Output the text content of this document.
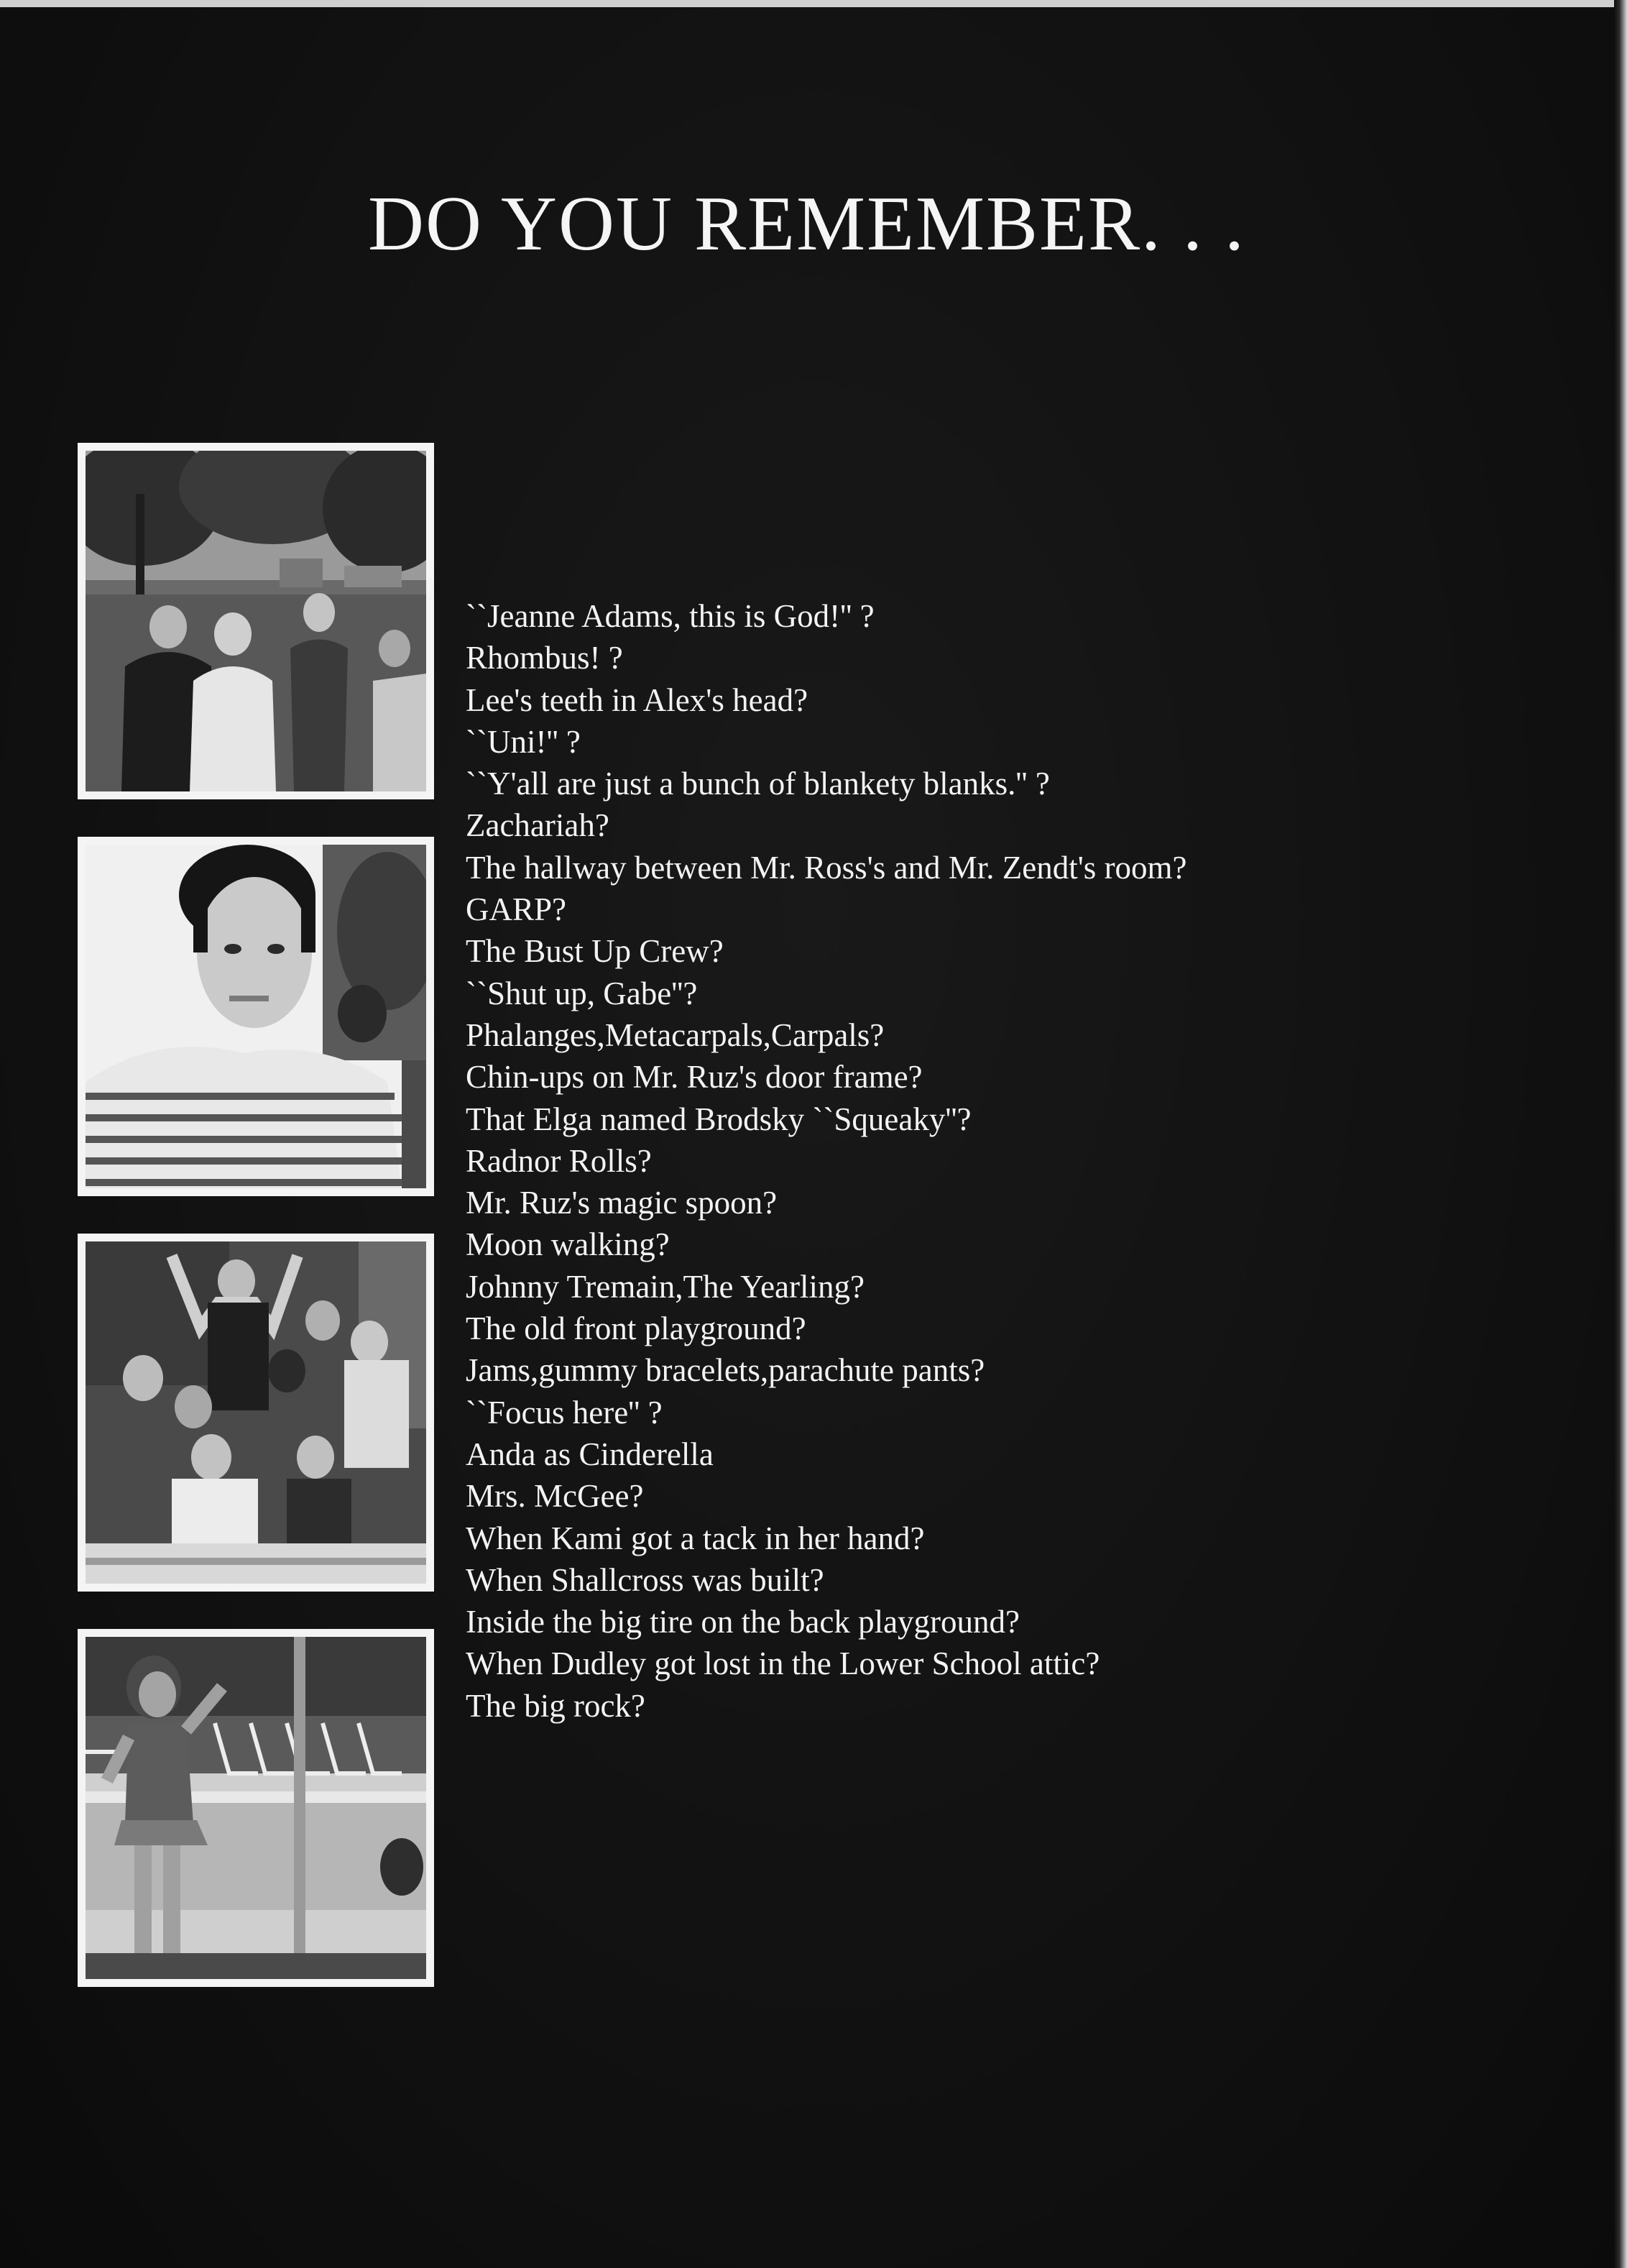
DO YOU REMEMBER. . .
``Jeanne Adams, this is God!'' ?
Rhombus! ?
Lee's teeth in Alex's head?
``Uni!'' ?
``Y'all are just a bunch of blankety blanks.'' ?
Zachariah?
The hallway between Mr. Ross's and Mr. Zendt's room?
GARP?
The Bust Up Crew?
``Shut up, Gabe''?
Phalanges,Metacarpals,Carpals?
Chin-ups on Mr. Ruz's door frame?
That Elga named Brodsky ``Squeaky''?
Radnor Rolls?
Mr. Ruz's magic spoon?
Moon walking?
Johnny Tremain,The Yearling?
The old front playground?
Jams,gummy bracelets,parachute pants?
``Focus here'' ?
Anda as Cinderella
Mrs. McGee?
When Kami got a tack in her hand?
When Shallcross was built?
Inside the big tire on the back playground?
When Dudley got lost in the Lower School attic?
The big rock?
